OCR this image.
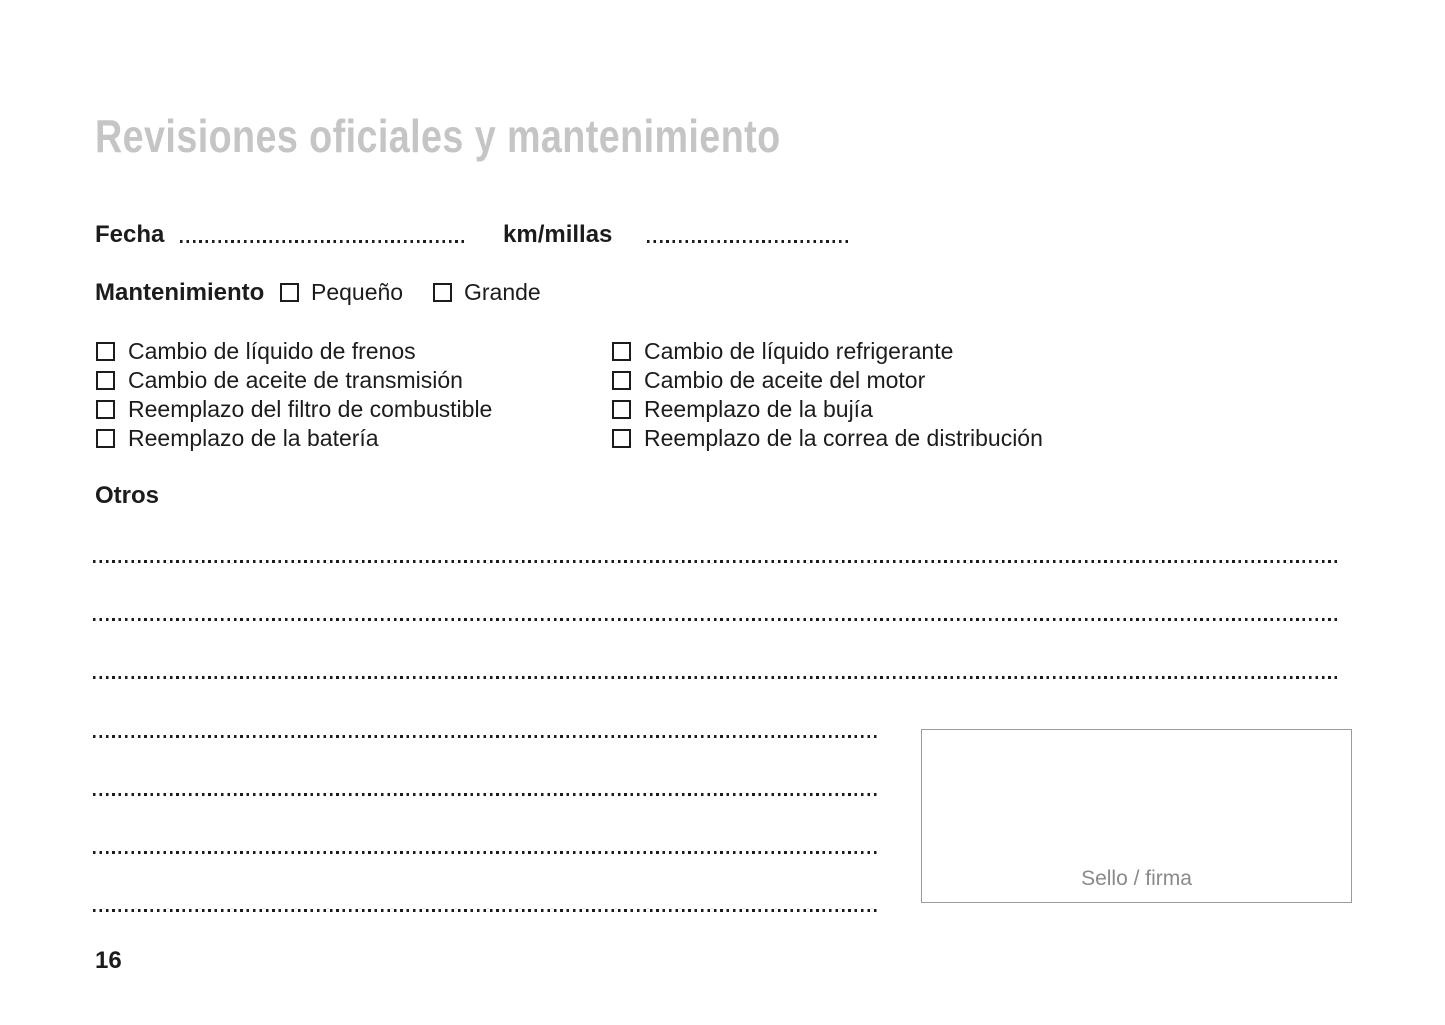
Revisiones oficiales y mantenimiento
Fecha	km/millas
Mantenimiento Pequeño	Grande
Cambio de líquido de frenos
Cambio de aceite de transmisión
Reemplazo del filtro de combustible
Reemplazo de la batería
Cambio de líquido refrigerante
Cambio de aceite del motor
Reemplazo de la bujía
Reemplazo de la correa de distribución
Otros
Sello / firma
16
